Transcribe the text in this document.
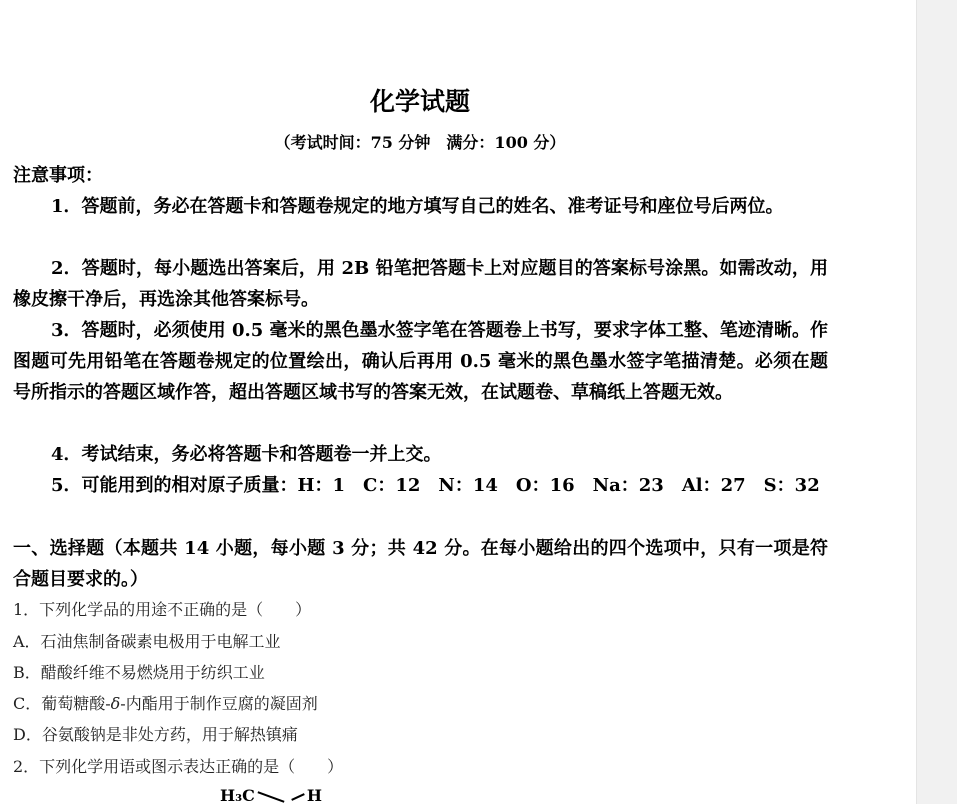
化学试题
（考试时间：75 分钟　满分：100 分）
注意事项：
1．答题前，务必在答题卡和答题卷规定的地方填写自己的姓名、准考证号和座位号后两位。
2．答题时，每小题选出答案后，用 2B 铅笔把答题卡上对应题目的答案标号涂黑。如需改动，用橡皮擦干净后，再选涂其他答案标号。
3．答题时，必须使用 0.5 毫米的黑色墨水签字笔在答题卷上书写，要求字体工整、笔迹清晰。作图题可先用铅笔在答题卷规定的位置绘出，确认后再用 0.5 毫米的黑色墨水签字笔描清楚。必须在题号所指示的答题区域作答，超出答题区域书写的答案无效，在试题卷、草稿纸上答题无效。
4．考试结束，务必将答题卡和答题卷一并上交。
5．可能用到的相对原子质量：H：1　C：12　N：14　O：16　Na：23　Al：27　S：32
一、选择题（本题共 14 小题，每小题 3 分；共 42 分。在每小题给出的四个选项中，只有一项是符合题目要求的。）
1．下列化学品的用途不正确的是（　　）
A．石油焦制备碳素电极用于电解工业
B．醋酸纤维不易燃烧用于纺织工业
C．葡萄糖酸-δ-内酯用于制作豆腐的凝固剂
D．谷氨酸钠是非处方药，用于解热镇痛
2．下列化学用语或图示表达正确的是（　　）
H₃C	H
